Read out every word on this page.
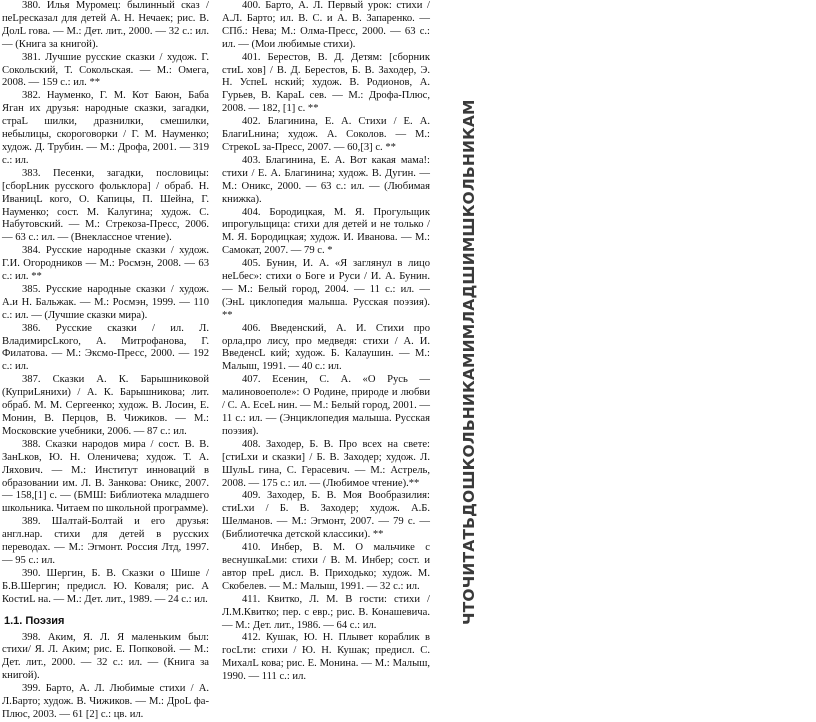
380. Илья Муромец: былинный сказ / пеLресказал для детей А. Н. Нечаек; рис. В. ДолL гова. — М.: Дет. лит., 2000. — 32 с.: ил. — (Книга за книгой).

381. Лучшие русские сказки / худож. Г. Сокольский, Т. Сокольская. — М.: Омега, 2008. — 159 с.: ил. **

382. Науменко, Г. М. Кот Баюн, Баба Яган их друзья: народные сказки, загадки, страL шилки, дразнилки, смешилки, небылицы, скороговорки / Г. М. Науменко; худож. Д. Трубин. — М.: Дрофа, 2001. — 319 с.: ил.

383. Песенки, загадки, пословицы: [сборLник русского фольклора] / обраб. Н. ИваницL кого, О. Капицы, П. Шейна, Г. Науменко; сост. М. Калугина; худож. С. Набутовский. — М.: Стрекоза-Пресс, 2006. — 63 с.: ил. — (Внеклассное чтение).

384. Русские народные сказки / худож. Г.И. Огородников — М.: Росмэн, 2008. — 63 с.: ил. **

385. Русские народные сказки / худож. А.и Н. Бальжак. — М.: Росмэн, 1999. — 110 с.: ил. — (Лучшие сказки мира).

386. Русские сказки / ил. Л. ВладимирсLкого, А. Митрофанова, Г. Филатова. — М.: Эксмо-Пресс, 2000. — 192 с.: ил.

387. Сказки А. К. Барышниковой (КуприLянихи) / А. К. Барышникова; лит. обраб. М. М. Сергеенко; худож. В. Лосин, Е. Монин, В. Перцов, В. Чижиков. — М.: Московские учебники, 2006. — 87 с.: ил.

388. Сказки народов мира / сост. В. В. ЗанLков, Ю. Н. Оленичева; худож. Т. А. Ляхович. — М.: Институт инноваций в образовании им. Л. В. Занкова: Оникс, 2007. — 158,[1] с. — (БМШ: Библиотека младшего школьника. Читаем по школьной программе).

389. Шалтай-Болтай и его друзья: англ.нар. стихи для детей в русских переводах. — М.: Эгмонт. Россия Лтд, 1997. — 95 с.: ил.

390. Шергин, Б. В. Сказки о Шише / Б.В.Шергин; предисл. Ю. Коваля; рис. А КостиL на. — М.: Дет. лит., 1989. — 24 с.: ил.

1.1. Поэзия

398. Аким, Я. Л. Я маленьким был: стихи/ Я. Л. Аким; рис. Е. Попковой. — М.: Дет. лит., 2000. — 32 с.: ил. — (Книга за книгой).

399. Барто, А. Л. Любимые стихи / А. Л.Барто; худож. В. Чижиков. — М.: ДроL фа-Плюс, 2003. — 61 [2] с.: цв. ил.

400. Барто, А. Л. Первый урок: стихи / А.Л. Барто; ил. В. С. и А. В. Запаренко. — СПб.: Нева; М.: Олма-Пресс, 2000. — 63 с.: ил. — (Мои любимые стихи).

401. Берестов, В. Д. Детям: [сборник стиL хов] / В. Д. Берестов, Б. В. Заходер, Э. Н. УспеL нский; худож. В. Родионов, А. Гурьев, В. КараL сев. — М.: Дрофа-Плюс, 2008. — 182, [1] с. **

402. Благинина, Е. А. Стихи / Е. А. БлагиLнина; худож. А. Соколов. — М.: СтрекоL за-Пресс, 2007. — 60,[3] с. **

403. Благинина, Е. А. Вот какая мама!: стихи / Е. А. Благинина; худож. В. Дугин. — М.: Оникс, 2000. — 63 с.: ил. — (Любимая книжка).

404. Бородицкая, М. Я. Прогульщик ипрогульщица: стихи для детей и не только / М. Я. Бородицкая; худож. И. Иванова. — М.: Самокат, 2007. — 79 с. *

405. Бунин, И. А. «Я заглянул в лицо неLбес»: стихи о Боге и Руси / И. А. Бунин. — М.: Белый город, 2004. — 11 с.: ил. — (ЭнL циклопедия малыша. Русская поэзия). **

406. Введенский, А. И. Стихи про орла,про лису, про медведя: стихи / А. И. ВведенсL кий; худож. Б. Калаушин. — М.: Малыш, 1991. — 40 с.: ил.

407. Есенин, С. А. «О Русь — малиновоеполе»: О Родине, природе и любви / С. А. ЕсеL нин. — М.: Белый город, 2001. — 11 с.: ил. — (Энциклопедия малыша. Русская поэзия).

408. Заходер, Б. В. Про всех на свете: [стиLхи и сказки] / Б. В. Заходер; худож. Л. ШульL гина, С. Герасевич. — М.: Астрель, 2008. — 175 с.: ил. — (Любимое чтение).**

409. Заходер, Б. В. Моя Вообразилия: стиLхи / Б. В. Заходер; худож. А.Б. Шелманов. — М.: Эгмонт, 2007. — 79 с. — (Библиотечка детской классики). **

410. Инбер, В. М. О мальчике с веснушкаLми: стихи / В. М. Инбер; сост. и автор преL дисл. В. Приходько; худож. М. Скобелев. — М.: Малыш, 1991. — 32 с.: ил.

411. Квитко, Л. М. В гости: стихи / Л.М.Квитко; пер. с евр.; рис. В. Конашевича. — М.: Дет. лит., 1986. — 64 с.: ил.

412. Кушак, Ю. Н. Плывет кораблик в госLти: стихи / Ю. Н. Кушак; предисл. С. МихалL кова; рис. Е. Монина. — М.: Малыш, 1990. — 111 с.: ил.

ЧТОЧИТАТЬДОШКОЛЬНИКАМИМЛАДШИМШКОЛЬНИКАМ
